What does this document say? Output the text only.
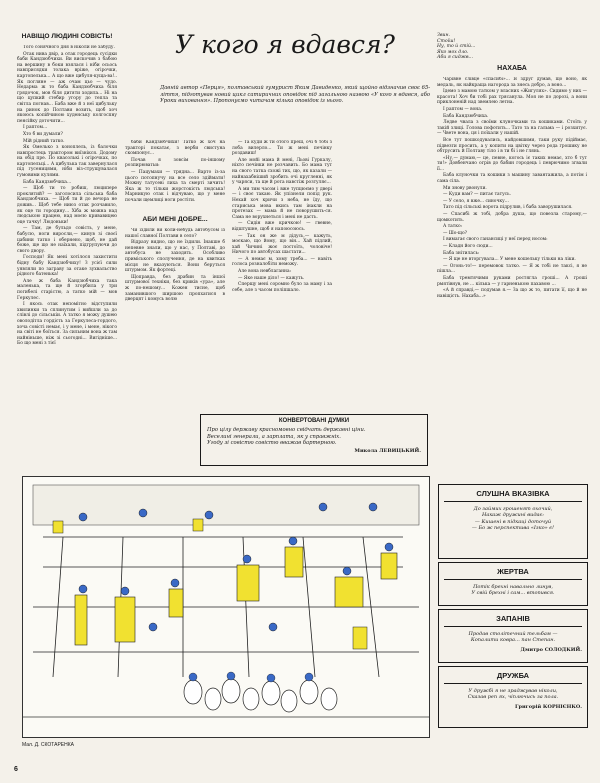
НАВІЩО ЛЮДИНІ СОВІСТЬ!

Того сонячного дня в ніколи не забуду.

Отак нива двір, а отак городець сусідки баби Кандзюбчихи. Ви вискочив з бабою на вершину в боки взялася і ніби осьось навприсядки толака вріже, огірочки, картопелька... А що вже цибуля-куща-ва!.. Як погляне — аж очам цьо — чудо. Недарма ж то баба Кандзюбчиха біля грядочок, мов біля дитяти ходила... Ні на що цупкий стебир угору до тепла та світла погнав... Баба вже й з неї цибульку на ринок до Полтави возить, щоб хоч якоюсь копійчиною худенську колгоспну пенсійку доточити...

І раптом...

Хто б ви думали?

Мій рідний татко.

Як Омелько з коноплель, із балочки навпростець трактором виїзнікся. Додому на обід пре. По квасолькі і огірочках, по картопельці... А цибулька так завернулася під гусеницями, ніби віз-струщувалася гумовими кулями.

Баба Кандзюбчиха...

— Щоб ти то робиш, люципере проклятий? — заголосила сільська баба Кандзюбчиха. — Щоб ти й до вечора не дожив... Щоб тебе ниюз отак розчавило, як оце ти городину... Хіба ж можна над людською працею, над моєю кривавицею оце тачку! Людоньки!

— Там, де бульдо совість, у мене, бабусю, ноги виросли,— кинув зі своєї цабини татко і обернено, щоб, не дай боже, ще що не наїхали, підгрупуючи до свого двору.

Господи! Як мені хотілося захистити бідну бабу Кандзюбчиху! З усієї сили уявляли по заграву за отаке зухвальство рідного батенька!

Але ж баба Кандзюбчиха така маленька, та ще й згорбила у три погибелі старістю, а татко мій — мов Геркулес.

І якось отак непомітно відступили хвилинки та сплинутим і вийшли за до слівлі до сільськіи. А татко я можу душею оволодітла гордість за Геркулеса-гордого, хоча совісті немає, і у мене, і мене, нікого на світі не боїться. За сильним вона ж там найніньше, ніж зі сьогодні... Вигідніше... Бо що мені з тієї

У кого я вдався?
Давній автор «Перця», полтавський гумурист Яким Давиденко, який щойно відзначив своє 65-ліття, підготував новий цикл сатиричних оповідок під загальною назвою «У кого я вдався, або Уроки виховання». Пропонуємо читачам кілька оповідок із нього.

баби Кандзюбчихи! Татко ж хоч на тракторі покатає, з верби свистуна скомпонує...

Почав я зовсім по-іншому розпирюватьи:

— Пацумахи — трядна... Варто із-за цього потопнучу на все село здіймати! Можну татусеві лиха та смерті зичить! Яка ж то тільки жорстокість людська! Марникую отак і відчуваю, що у мене почали щемлиці ноги ростіти.

АБИ МЕНІ ДОБРЕ...

Чи їздили ви коли-небудь автобусом із нашої славної Полтави в село?

Відразу видно, що не їздили. Інакше б непевне знали, що у нас, у Полтаві, до автобуса не заходять. Особливо приміського сполучення, де на квитках місця не вказуються. Вони беруться штурмом. Як фортеці.

Щоправда, без драбин та іншої штурмової техніки, без криків «ура», але ж по-нешому... Кожен тисне, щоб заманившого ширшою пропхатися в дверцят і комусь волю

— Та куди ж ти отого преш, очі б тобі з лоба вилерло... Ти ж мені печінку роздавиш!

Але мойі мама й мені, Льові Гуркалу, ніхто печінки не розчавить. Бо мама тут на свого татка схожі тих, що, як казали — найнахабніший зробить очі кругленні, як у чаряси, та ще й рота навстіж розтуляє...

А ми тим часом і вже тупцюємо у двері — і своє такаю. Як упізнели попід рук. Нехай хоч кричи з неба, не їду, що стариська мова вкись там інакли на протезах — мама й не поворушить-ся. Сама не ворухнеться і мені не дасть.

— Сидін вже кричкою! — гвевне, відштушне, щоб я напоюсоюсь.

— Так он же м дідусь,— кажуть, моєкаю, що йому, що він... Хай підлий, хай Чичині жоє постоїть, чоловіче! Ничого по автобусах шастати...

— А немає м, хому треба... — навіть голоса розналобіти неможу.

Але вона невблаганна:

— Яке наше діло! — кажуть.

Сперщу мені соромно було за маму і за себе, але з часом поліпшало.

Звин.
Стоїш!
Ну, то й стій...
Яко мох дло.
Аби я сиджв...
НАХАБА

Чарівне слівце «спасибі»... Я здруг думав, що воно, як медаль, як найкраща нагорода за знесь добро, а воно...

Ідемо з мамою татком у власних «Жигулях». Сидимо у них — красота! Хоч би тобі рах трясанула. Моя не по дорозі, а вони приклоненій над звемлею летна.

І раптом — вона.

Баба Кандзюбчиха.

Ледве чвала з своїми клуночками та кошиками. Стоїть у такій злиці. Голова пофотить... Тато та на гальма — і розхитує. — Чвете вона, ця і поїхали у нашій.

Все тут пошкодувались, найдовшими, таки руку підіймає, підвезти просить, а у копити на цвітку через рода грошику не обтрусить й Полтаву тіло і в ти бі і не глянь.

«Ну,— думаю,— це, певне, когось іє таких немає, хто б тут ти!» Довбенчано огрів до бабин городець і певрючимо згвали її...

Баба клуночки та кошики з машину завантажила, а потім і сама сіла.

Ми знову рвонули.

— Куди вам? — питає татусь.

— У село, я вже... синочку...

Тато під сільські ворота підрулив, і баба заворушилася.

— Спасибі ж тобі, добра душа, що повезла старому,— щомкотить.

А татко:

— Шо-що?

І вимагає свого ганансиці у неї перед носом:

— Кладн його сюди...

Баба знітилась:

— Я ще не вторгувала... У мене кошельку тільки на ліки.

— Огонь-то!— перемовок татко. — Я ж тобі не таксі, я не пішла...

Баба тремтячими руками ростягла гроші... А гроші рмятівнув, не ... кілька — у гарненькою пахавою ...

«А й справді,— подумав я.— За що ж то, питати її, що й не навіщість. Нахаба...»

КОНВЕРТОВАНІ ДУМКИ
Про цілу державу красномовно свідчать державні ціни.
Веселині генерали, а зарплата, як у справжніх.
Угоду зі совістю совістю вважав бартерною.
Микола ЛЕВИЦЬКИЙ.
Мал. Д. СКОТАРЕНКА
СЛУШНА ВКАЗІВКА
До займих грошенят охочий,
Накаж дружині видає:
— Кишені в підкаці доточуй
— Бо ж перспектива «Ізко» є!
ЖЕРТВА
Потік брехні навально линув,
У свій брехні і сам... втопився.
ЗАПАНІВ
Продав столітечний тельбам —
Копалити ковра... пан Степан.
Дмитро СОЛОДКИЙ.
ДРУЖБА
У дружбі я не зраджував ніколи,
Сказав реп ях, чіплючись за пола.
Григорій КОРНІЄНКО.
6
